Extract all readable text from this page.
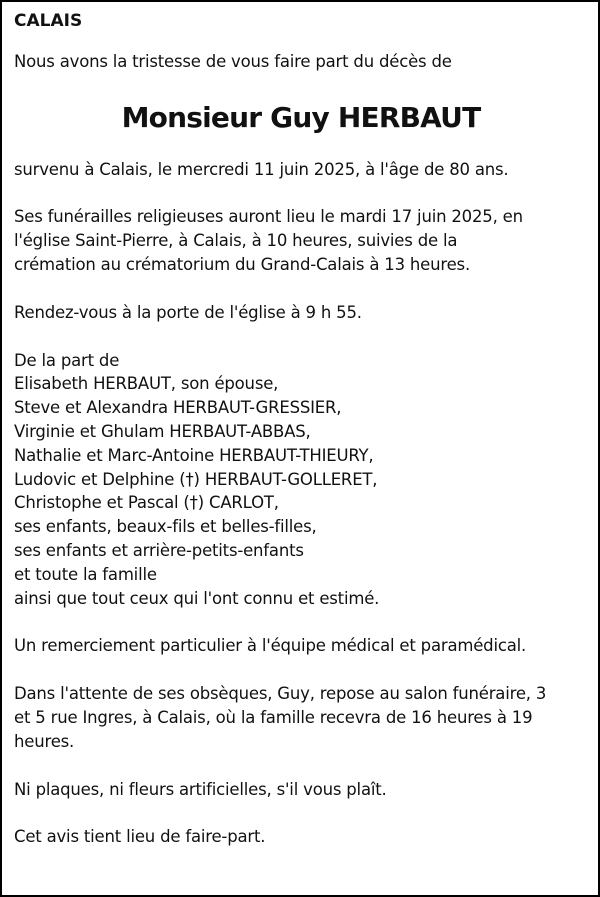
CALAIS
Nous avons la tristesse de vous faire part du décès de
Monsieur Guy HERBAUT
survenu à Calais, le mercredi 11 juin 2025, à l'âge de 80 ans.
Ses funérailles religieuses auront lieu le mardi 17 juin 2025, en
l'église Saint-Pierre, à Calais, à 10 heures, suivies de la
crémation au crématorium du Grand-Calais à 13 heures.
Rendez-vous à la porte de l'église à 9 h 55.
De la part de
Elisabeth HERBAUT, son épouse,
Steve et Alexandra HERBAUT-GRESSIER,
Virginie et Ghulam HERBAUT-ABBAS,
Nathalie et Marc-Antoine HERBAUT-THIEURY,
Ludovic et Delphine (†) HERBAUT-GOLLERET,
Christophe et Pascal (†) CARLOT,
ses enfants, beaux-fils et belles-filles,
ses enfants et arrière-petits-enfants
et toute la famille
ainsi que tout ceux qui l'ont connu et estimé.
Un remerciement particulier à l'équipe médical et paramédical.
Dans l'attente de ses obsèques, Guy, repose au salon funéraire, 3
et 5 rue Ingres, à Calais, où la famille recevra de 16 heures à 19
heures.
Ni plaques, ni fleurs artificielles, s'il vous plaît.
Cet avis tient lieu de faire-part.
